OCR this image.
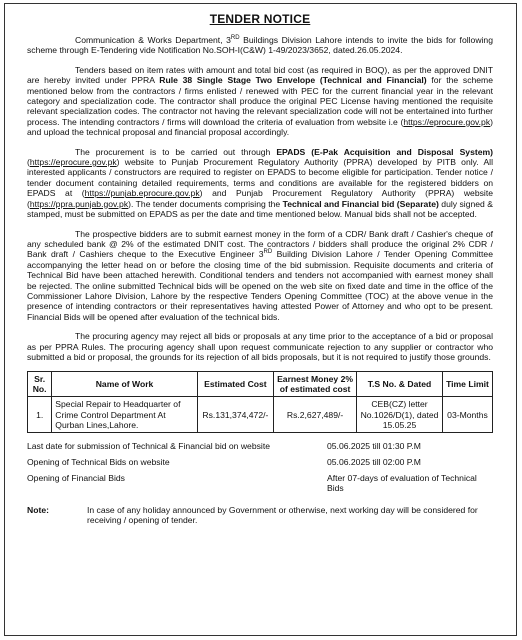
TENDER NOTICE

Communication & Works Department, 3RD Buildings Division Lahore intends to invite the bids for following scheme through E-Tendering vide Notification No.SOH-I(C&W) 1-49/2023/3652, dated.26.05.2024.

Tenders based on item rates with amount and total bid cost (as required in BOQ), as per the approved DNIT are hereby invited under PPRA Rule 38 Single Stage Two Envelope (Technical and Financial) for the scheme mentioned below from the contractors / firms enlisted / renewed with PEC for the current financial year in the relevant category and specialization code. The contractor shall produce the original PEC License having mentioned the requisite relevant specialization codes. The contractor not having the relevant specialization code will not be entertained into further process. The intending contractors / firms will download the criteria of evaluation from website i.e (https://eprocure.gov.pk) and upload the technical proposal and financial proposal accordingly.

The procurement is to be carried out through EPADS (E-Pak Acquisition and Disposal System) (https://eprocure.gov.pk) website to Punjab Procurement Regulatory Authority (PPRA) developed by PITB only. All interested applicants / constructors are required to register on EPADS to become eligible for participation. Tender notice / tender document containing detailed requirements, terms and conditions are available for the registered bidders on EPADS at (https://punjab.eprocure.gov.pk) and Punjab Procurement Regulatory Authority (PPRA) website (https://ppra.punjab.gov.pk). The tender documents comprising the Technical and Financial bid (Separate) duly signed & stamped, must be submitted on EPADS as per the date and time mentioned below. Manual bids shall not be accepted.

The prospective bidders are to submit earnest money in the form of a CDR/ Bank draft / Cashier's cheque of any scheduled bank @ 2% of the estimated DNIT cost. The contractors / bidders shall produce the original 2% CDR / Bank draft / Cashiers cheque to the Executive Engineer 3RD Building Division Lahore / Tender Opening Committee accompanying the letter head on or before the closing time of the bid submission. Requisite documents and criteria of Technical Bid have been attached herewith. Conditional tenders and tenders not accompanied with earnest money shall be rejected. The online submitted Technical bids will be opened on the web site on fixed date and time in the office of the Commissioner Lahore Division, Lahore by the respective Tenders Opening Committee (TOC) at the above venue in the presence of intending contractors or their representatives having attested Power of Attorney and who opt to be present. Financial Bids will be opened after evaluation of the technical bids.

The procuring agency may reject all bids or proposals at any time prior to the acceptance of a bid or proposal as per PPRA Rules. The procuring agency shall upon request communicate rejection to any supplier or contractor who submitted a bid or proposal, the grounds for its rejection of all bids proposals, but it is not required to justify those grounds.

Sr. No.	Name of Work	Estimated Cost	Earnest Money 2% of estimated cost	T.S No. & Dated	Time Limit
1.	Special Repair to Headquarter of Crime Control Department At Qurban Lines,Lahore.	Rs.131,374,472/-	Rs.2,627,489/-	CEB(CZ) letter No.1026/D(1), dated 15.05.25	03-Months
Last date for submission of Technical & Financial bid on website	05.06.2025 till 01:30 P.M
Opening of Technical Bids on website	05.06.2025 till 02:00 P.M
Opening of Financial Bids	After 07-days of evaluation of Technical Bids
Note:	In case of any holiday announced by Government or otherwise, next working day will be considered for receiving / opening of tender.
